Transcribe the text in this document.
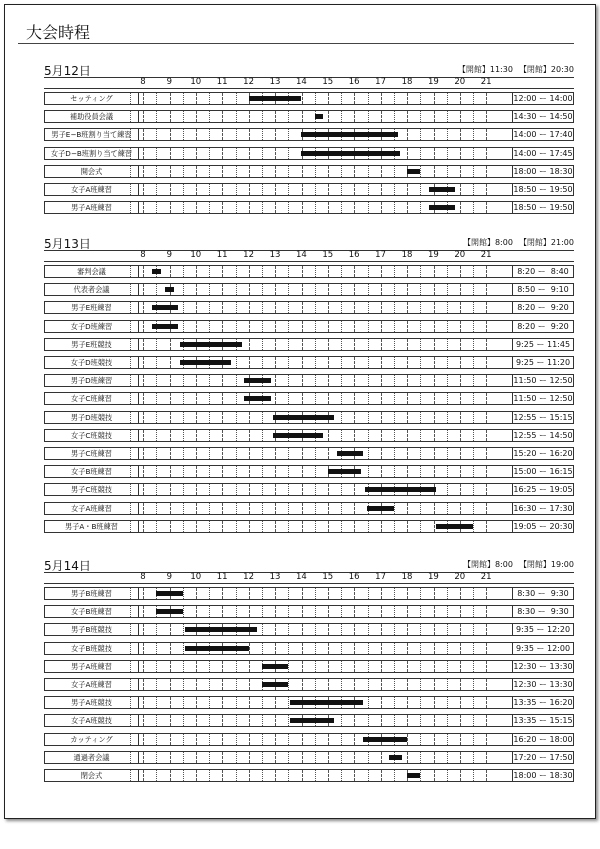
大会時程
5月12日	【開館】11:30 【閉館】20:30
8	9	10	11	12	13	14	15	16	17	18	19	20	21
セッティング	12:00 ー 14:00
補助役員会議	14:30 ー 14:50
男子E−B班割り当て練習	14:00 ー 17:40
女子D−B班割り当て練習	14:00 ー 17:45
開会式	18:00 ー 18:30
女子A班練習	18:50 ー 19:50
男子A班練習	18:50 ー 19:50
5月13日	【開館】8:00 【閉館】21:00
8	9	10	11	12	13	14	15	16	17	18	19	20	21
審判会議	8:20 ー  8:40
代表者会議	8:50 ー  9:10
男子E班練習	8:20 ー  9:20
女子D班練習	8:20 ー  9:20
男子E班競技	9:25 ー 11:45
女子D班競技	9:25 ー 11:20
男子D班練習	11:50 ー 12:50
女子C班練習	11:50 ー 12:50
男子D班競技	12:55 ー 15:15
女子C班競技	12:55 ー 14:50
男子C班練習	15:20 ー 16:20
女子B班練習	15:00 ー 16:15
男子C班競技	16:25 ー 19:05
女子A班練習	16:30 ー 17:30
男子A・B班練習	19:05 ー 20:30
5月14日	【開館】8:00 【閉館】19:00
8	9	10	11	12	13	14	15	16	17	18	19	20	21
男子B班練習	8:30 ー  9:30
女子B班練習	8:30 ー  9:30
男子B班競技	9:35 ー 12:20
女子B班競技	9:35 ー 12:00
男子A班練習	12:30 ー 13:30
女子A班練習	12:30 ー 13:30
男子A班競技	13:35 ー 16:20
女子A班競技	13:35 ー 15:15
カッティング	16:20 ー 18:00
通過者会議	17:20 ー 17:50
閉会式	18:00 ー 18:30
